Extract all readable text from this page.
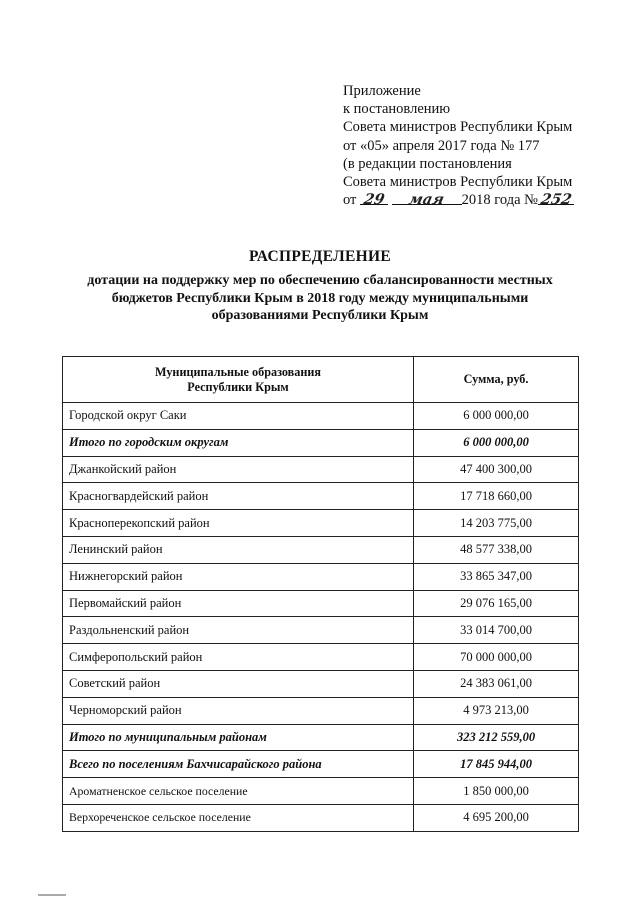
Приложение
к постановлению
Совета министров Республики Крым
от «05» апреля 2017 года № 177
(в редакции постановления
Совета министров Республики Крым
от 29 мая 2018 года №252
РАСПРЕДЕЛЕНИЕ
дотации на поддержку мер по обеспечению сбалансированности местных
бюджетов Республики Крым в 2018 году между муниципальными
образованиями Республики Крым
Муниципальные образования
Республики Крым	Сумма, руб.
Городской округ Саки	6 000 000,00
Итого по городским округам	6 000 000,00
Джанкойский район	47 400 300,00
Красногвардейский район	17 718 660,00
Красноперекопский район	14 203 775,00
Ленинский район	48 577 338,00
Нижнегорский район	33 865 347,00
Первомайский район	29 076 165,00
Раздольненский район	33 014 700,00
Симферопольский район	70 000 000,00
Советский район	24 383 061,00
Черноморский район	4 973 213,00
Итого по муниципальным районам	323 212 559,00
Всего по поселениям Бахчисарайского района	17 845 944,00
Ароматненское сельское поселение	1 850 000,00
Верхореченское сельское поселение	4 695 200,00
